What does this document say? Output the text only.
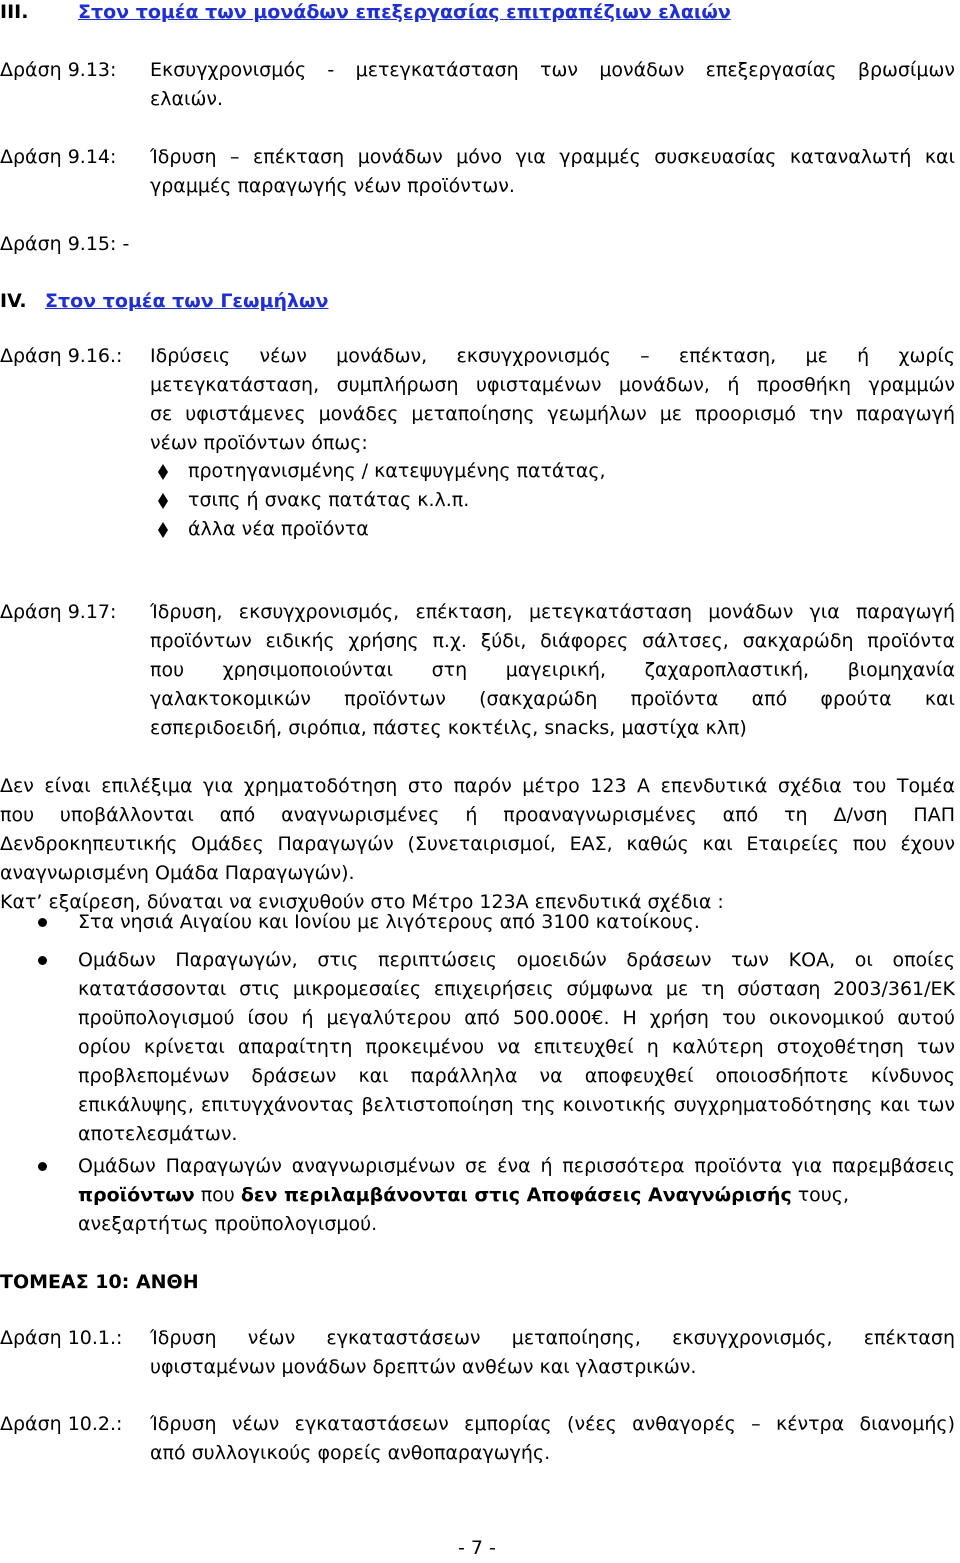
III.	Στον τομέα των μονάδων επεξεργασίας επιτραπέζιων ελαιών
Δράση 9.13: Εκσυγχρονισμός - μετεγκατάσταση των μονάδων επεξεργασίας βρωσίμων
ελαιών.
Δράση 9.14: Ίδρυση – επέκταση μονάδων μόνο για γραμμές συσκευασίας καταναλωτή και
γραμμές παραγωγής νέων προϊόντων.
Δράση 9.15: -
IV. Στον τομέα των Γεωμήλων
Δράση 9.16.: Ιδρύσεις νέων μονάδων, εκσυγχρονισμός – επέκταση, με ή χωρίς
μετεγκατάσταση, συμπλήρωση υφισταμένων μονάδων, ή προσθήκη γραμμών
σε υφιστάμενες μονάδες μεταποίησης γεωμήλων με προορισμό την παραγωγή
νέων προϊόντων όπως:
προτηγανισμένης / κατεψυγμένης πατάτας,
τσιπς ή σνακς πατάτας κ.λ.π.
άλλα νέα προϊόντα
Δράση 9.17: Ίδρυση, εκσυγχρονισμός, επέκταση, μετεγκατάσταση μονάδων για παραγωγή
προϊόντων ειδικής χρήσης π.χ. ξύδι, διάφορες σάλτσες, σακχαρώδη προϊόντα
που χρησιμοποιούνται στη μαγειρική, ζαχαροπλαστική, βιομηχανία
γαλακτοκομικών προϊόντων (σακχαρώδη προϊόντα από φρούτα και
εσπεριδοειδή, σιρόπια, πάστες κοκτέιλς, snacks, μαστίχα κλπ)
Δεν είναι επιλέξιμα για χρηματοδότηση στο παρόν μέτρο 123 Α επενδυτικά σχέδια του Τομέα
που υποβάλλονται από αναγνωρισμένες ή προαναγνωρισμένες από τη Δ/νση ΠΑΠ
Δενδροκηπευτικής Ομάδες Παραγωγών (Συνεταιρισμοί, ΕΑΣ, καθώς και Εταιρείες που έχουν
αναγνωρισμένη Ομάδα Παραγωγών).
Κατ’ εξαίρεση, δύναται να ενισχυθούν στο Μέτρο 123Α επενδυτικά σχέδια :
Στα νησιά Αιγαίου και Ιονίου με λιγότερους από 3100 κατοίκους.
Ομάδων Παραγωγών, στις περιπτώσεις ομοειδών δράσεων των ΚΟΑ, οι οποίες
κατατάσσονται στις μικρομεσαίες επιχειρήσεις σύμφωνα με τη σύσταση 2003/361/ΕΚ
προϋπολογισμού ίσου ή μεγαλύτερου από 500.000€. Η χρήση του οικονομικού αυτού
ορίου κρίνεται απαραίτητη προκειμένου να επιτευχθεί η καλύτερη στοχοθέτηση των
προβλεπομένων δράσεων και παράλληλα να αποφευχθεί οποιοσδήποτε κίνδυνος
επικάλυψης, επιτυγχάνοντας βελτιστοποίηση της κοινοτικής συγχρηματοδότησης και των
αποτελεσμάτων.
Ομάδων Παραγωγών αναγνωρισμένων σε ένα ή περισσότερα προϊόντα για παρεμβάσεις
προϊόντων που δεν περιλαμβάνονται στις Αποφάσεις Αναγνώρισής τους,
ανεξαρτήτως προϋπολογισμού.
ΤΟΜΕΑΣ 10: ΑΝΘΗ
Δράση 10.1.: Ίδρυση νέων εγκαταστάσεων μεταποίησης, εκσυγχρονισμός, επέκταση
υφισταμένων μονάδων δρεπτών ανθέων και γλαστρικών.
Δράση 10.2.: Ίδρυση νέων εγκαταστάσεων εμπορίας (νέες ανθαγορές – κέντρα διανομής)
από συλλογικούς φορείς ανθοπαραγωγής.
- 7 -
